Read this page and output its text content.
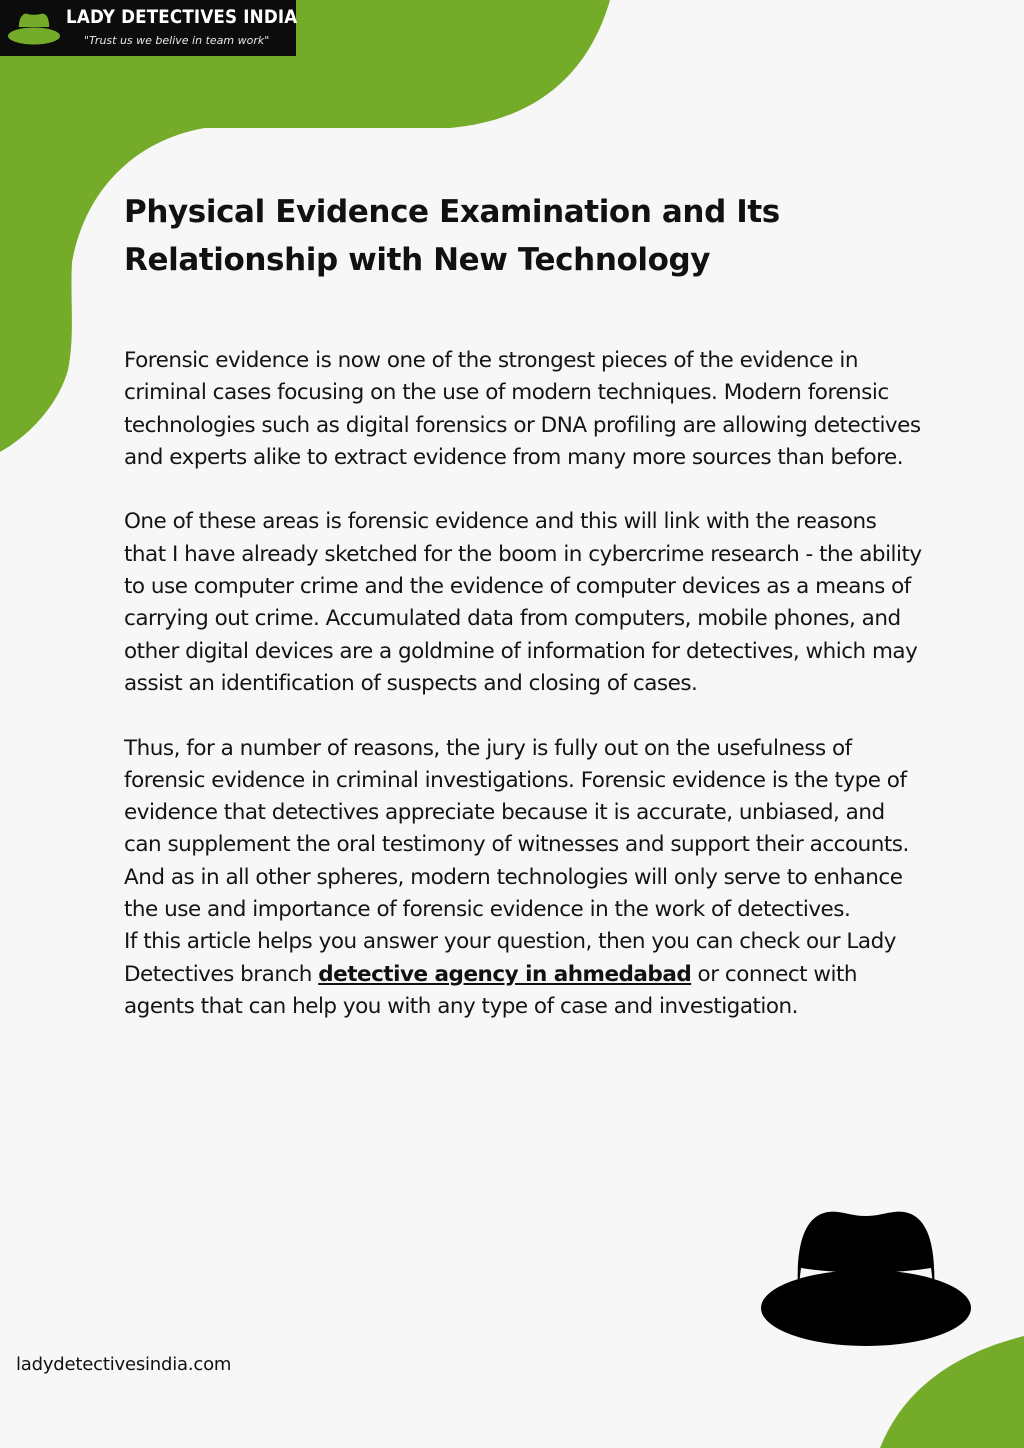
LADY DETECTIVES INDIA
"Trust us we belive in team work"
Physical Evidence Examination and Its Relationship with New Technology

Forensic evidence is now one of the strongest pieces of the evidence in criminal cases focusing on the use of modern techniques. Modern forensic technologies such as digital forensics or DNA profiling are allowing detectives and experts alike to extract evidence from many more sources than before.

One of these areas is forensic evidence and this will link with the reasons that I have already sketched for the boom in cybercrime research - the ability to use computer crime and the evidence of computer devices as a means of carrying out crime. Accumulated data from computers, mobile phones, and other digital devices are a goldmine of information for detectives, which may assist an identification of suspects and closing of cases.

Thus, for a number of reasons, the jury is fully out on the usefulness of forensic evidence in criminal investigations. Forensic evidence is the type of evidence that detectives appreciate because it is accurate, unbiased, and can supplement the oral testimony of witnesses and support their accounts.

And as in all other spheres, modern technologies will only serve to enhance the use and importance of forensic evidence in the work of detectives.

If this article helps you answer your question, then you can check our Lady Detectives branch detective agency in ahmedabad or connect with agents that can help you with any type of case and investigation.

ladydetectivesindia.com
